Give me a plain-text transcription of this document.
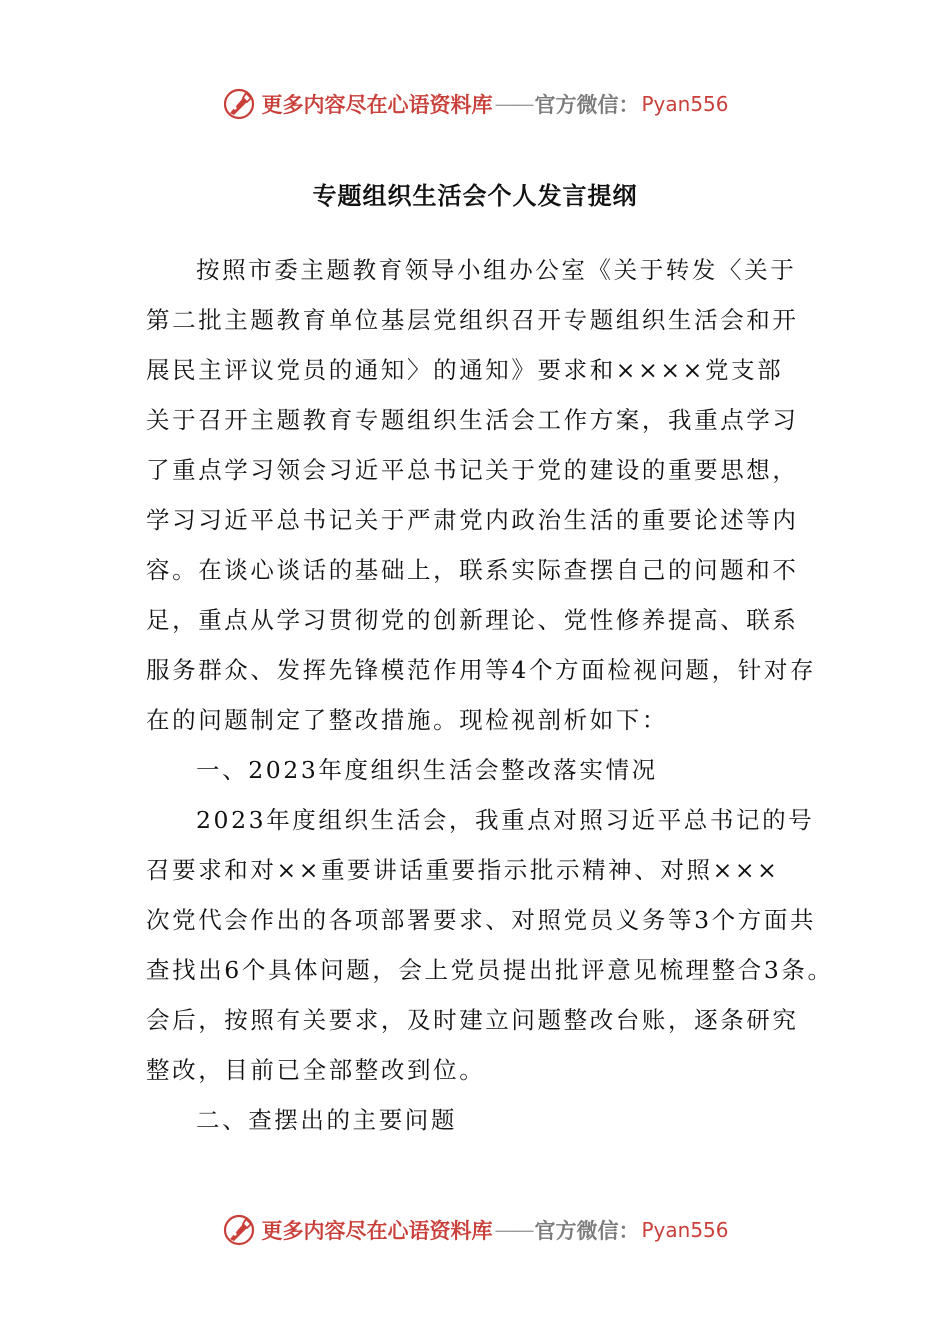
更多内容尽在心语资料库 —— 官方微信： Pyan556
专题组织生活会个人发言提纲
按照市委主题教育领导小组办公室《关于转发〈关于
第二批主题教育单位基层党组织召开专题组织生活会和开
展民主评议党员的通知〉的通知》要求和××××党支部
关于召开主题教育专题组织生活会工作方案，我重点学习
了重点学习领会习近平总书记关于党的建设的重要思想，
学习习近平总书记关于严肃党内政治生活的重要论述等内
容。在谈心谈话的基础上，联系实际查摆自己的问题和不
足，重点从学习贯彻党的创新理论、党性修养提高、联系
服务群众、发挥先锋模范作用等4个方面检视问题，针对存
在的问题制定了整改措施。现检视剖析如下：
一、2023年度组织生活会整改落实情况
2023年度组织生活会，我重点对照习近平总书记的号
召要求和对××重要讲话重要指示批示精神、对照×××
次党代会作出的各项部署要求、对照党员义务等3个方面共
查找出6个具体问题，会上党员提出批评意见梳理整合3条。
会后，按照有关要求，及时建立问题整改台账，逐条研究
整改，目前已全部整改到位。
二、查摆出的主要问题
更多内容尽在心语资料库 —— 官方微信： Pyan556
